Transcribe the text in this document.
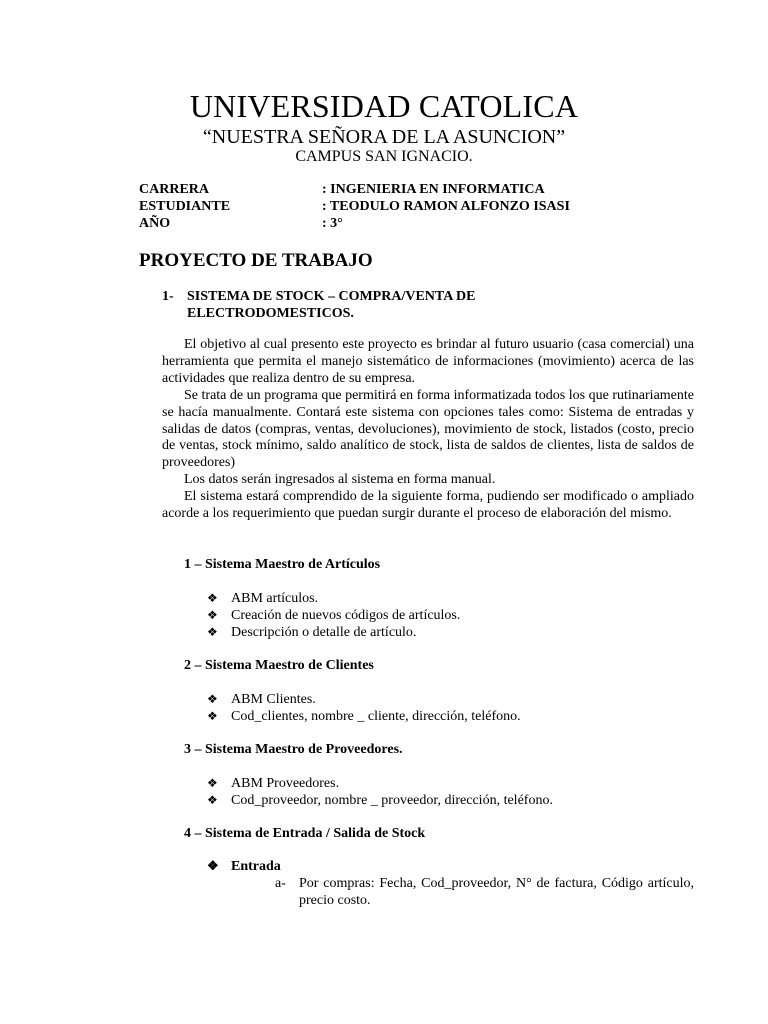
UNIVERSIDAD CATOLICA
“NUESTRA SEÑORA DE LA ASUNCION”
CAMPUS SAN IGNACIO.
CARRERA	: INGENIERIA EN INFORMATICA
ESTUDIANTE	: TEODULO RAMON ALFONZO ISASI
AÑO	: 3°
PROYECTO DE TRABAJO
1- SISTEMA DE STOCK – COMPRA/VENTA DE ELECTRODOMESTICOS.
El objetivo al cual presento este proyecto es brindar al futuro usuario (casa comercial) una herramienta que permita el manejo sistemático de informaciones (movimiento) acerca de las actividades que realiza dentro de su empresa.
Se trata de un programa que permitirá en forma informatizada todos los que rutinariamente se hacía manualmente. Contará este sistema con opciones tales como: Sistema de entradas y salidas de datos (compras, ventas, devoluciones), movimiento de stock, listados (costo, precio de ventas, stock mínimo, saldo analítico de stock, lista de saldos de clientes, lista de saldos de proveedores)
Los datos serán ingresados al sistema en forma manual.
El sistema estará comprendido de la siguiente forma, pudiendo ser modificado o ampliado acorde a los requerimiento que puedan surgir durante el proceso de elaboración del mismo.
1 – Sistema Maestro de Artículos
❖ ABM artículos.
❖ Creación de nuevos códigos de artículos.
❖ Descripción o detalle de artículo.
2 – Sistema Maestro de Clientes
❖ ABM Clientes.
❖ Cod_clientes, nombre _ cliente, dirección, teléfono.
3 – Sistema Maestro de Proveedores.
❖ ABM Proveedores.
❖ Cod_proveedor, nombre _ proveedor, dirección, teléfono.
4 – Sistema de Entrada / Salida de Stock
❖ Entrada
a- Por compras: Fecha, Cod_proveedor, N° de factura, Código artículo, precio costo.
